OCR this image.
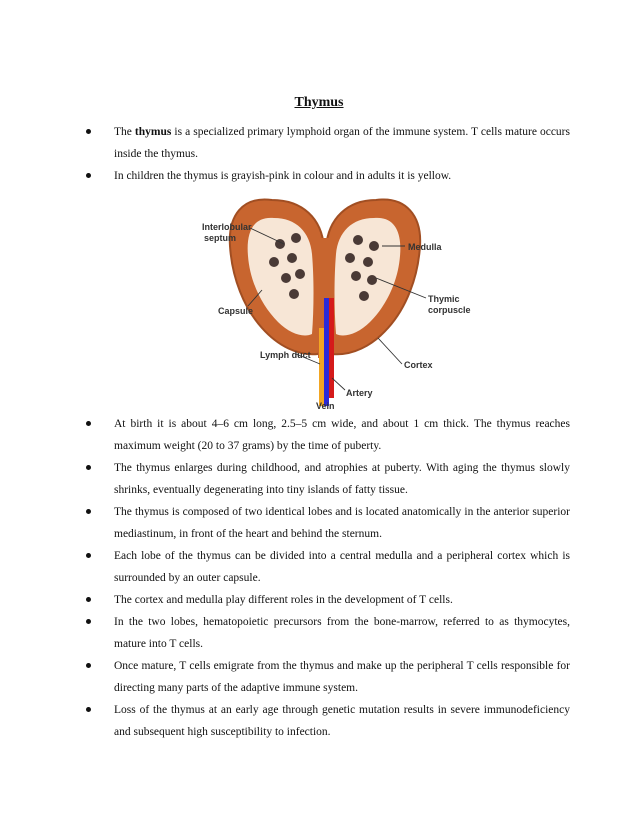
Thymus
The thymus is a specialized primary lymphoid organ of the immune system. T cells mature occurs inside the thymus.
In children the thymus is grayish-pink in colour and in adults it is yellow.
Interlobular
septum
Medulla
Capsule
Thymic
corpuscle
Lymph duct
Cortex
Artery
Vein
At birth it is about 4–6 cm long, 2.5–5 cm wide, and about 1 cm thick. The thymus reaches maximum weight (20 to 37 grams) by the time of puberty.
The thymus enlarges during childhood, and atrophies at puberty. With aging the thymus slowly shrinks, eventually degenerating into tiny islands of fatty tissue.
The thymus is composed of two identical lobes and is located anatomically in the anterior superior mediastinum, in front of the heart and behind the sternum.
Each lobe of the thymus can be divided into a central medulla and a peripheral cortex which is surrounded by an outer capsule.
The cortex and medulla play different roles in the development of T cells.
In the two lobes, hematopoietic precursors from the bone-marrow, referred to as thymocytes, mature into T cells.
Once mature, T cells emigrate from the thymus and make up the peripheral T cells responsible for directing many parts of the adaptive immune system.
Loss of the thymus at an early age through genetic mutation results in severe immunodeficiency and subsequent high susceptibility to infection.
